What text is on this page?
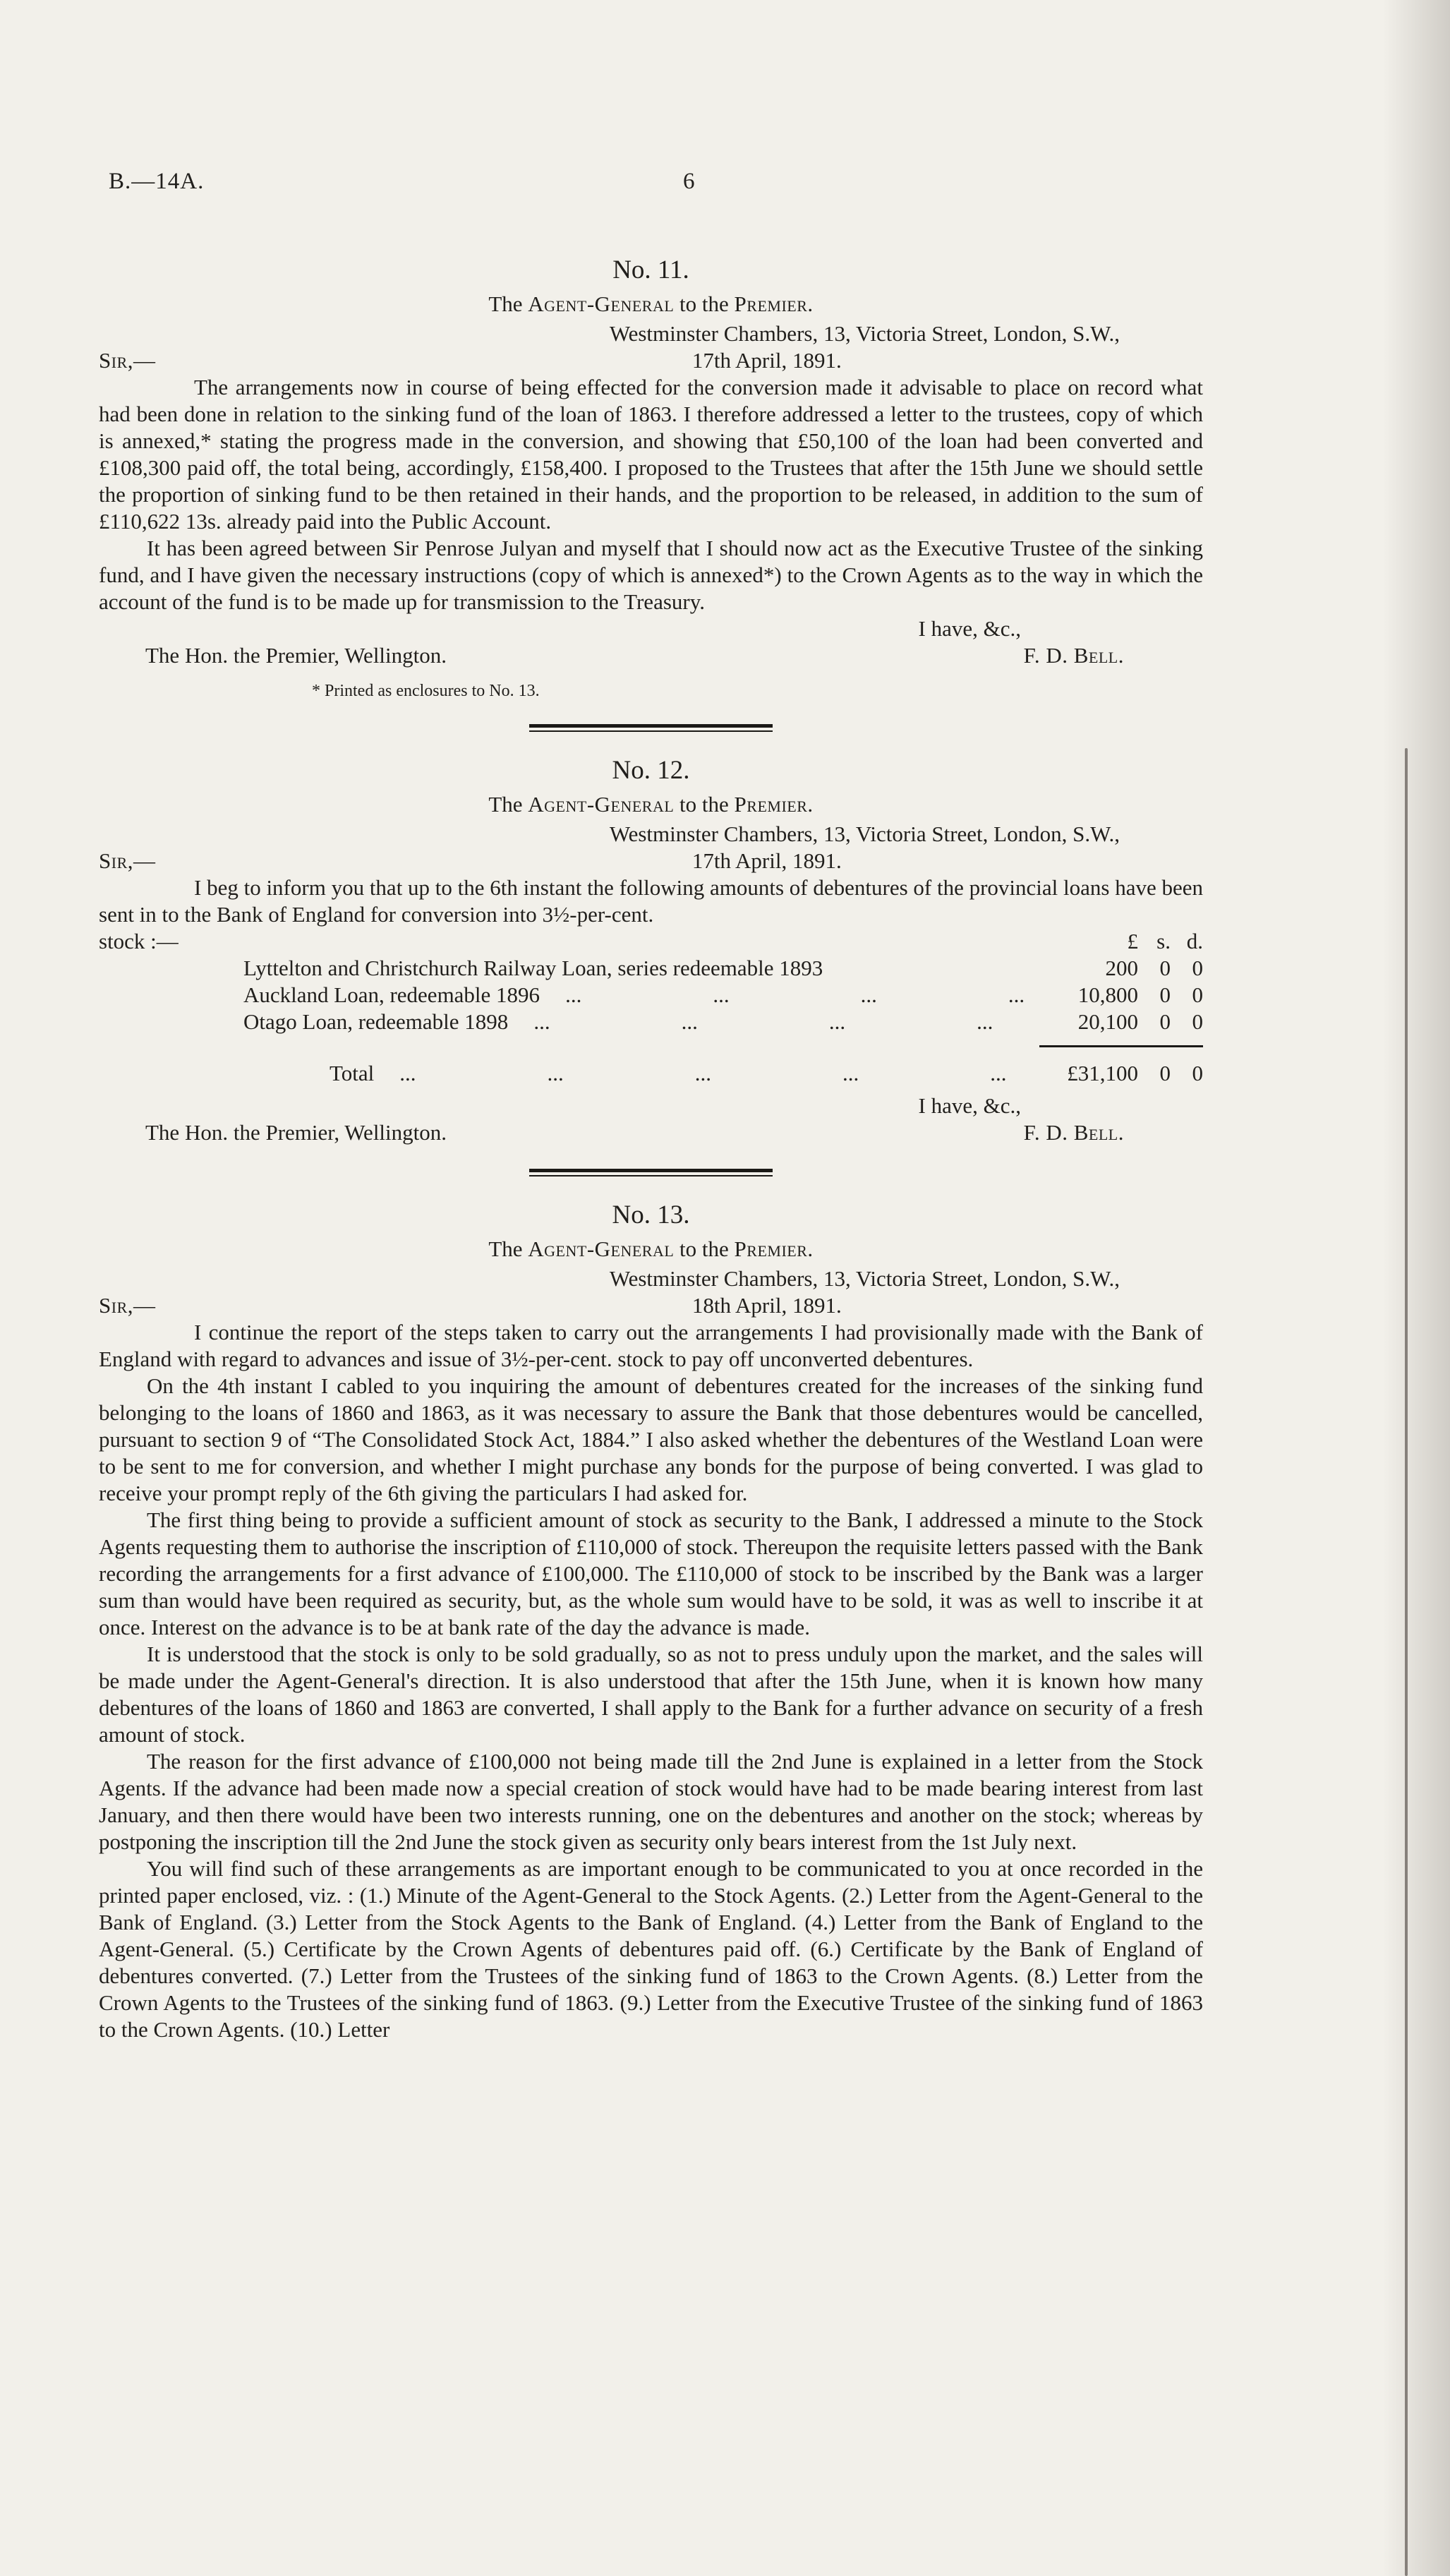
B.—14A.	6
No. 11.
The Agent-General to the Premier.
Westminster Chambers, 13, Victoria Street, London, S.W.,
Sir,—	17th April, 1891.

The arrangements now in course of being effected for the conversion made it advisable to place on record what had been done in relation to the sinking fund of the loan of 1863. I therefore addressed a letter to the trustees, copy of which is annexed,* stating the progress made in the conversion, and showing that £50,100 of the loan had been converted and £108,300 paid off, the total being, accordingly, £158,400. I proposed to the Trustees that after the 15th June we should settle the proportion of sinking fund to be then retained in their hands, and the proportion to be released, in addition to the sum of £110,622 13s. already paid into the Public Account.

It has been agreed between Sir Penrose Julyan and myself that I should now act as the Executive Trustee of the sinking fund, and I have given the necessary instructions (copy of which is annexed*) to the Crown Agents as to the way in which the account of the fund is to be made up for transmission to the Treasury.

I have, &c.,
The Hon. the Premier, Wellington.	F. D. Bell.
* Printed as enclosures to No. 13.
No. 12.
The Agent-General to the Premier.
Westminster Chambers, 13, Victoria Street, London, S.W.,
Sir,—	17th April, 1891.

I beg to inform you that up to the 6th instant the following amounts of debentures of the provincial loans have been sent in to the Bank of England for conversion into 3½-per-cent.

stock :—	£ s. d.
Lyttelton and Christchurch Railway Loan, series redeemable 1893	200 0 0
Auckland Loan, redeemable 1896 ...      ...      ...      ...	10,800 0 0
Otago Loan, redeemable 1898 ...      ...      ...      ...	20,100 0 0
Total ...      ...      ...      ...      ...	£31,100 0 0
I have, &c.,
The Hon. the Premier, Wellington.	F. D. Bell.
No. 13.
The Agent-General to the Premier.
Westminster Chambers, 13, Victoria Street, London, S.W.,
Sir,—	18th April, 1891.

I continue the report of the steps taken to carry out the arrangements I had provisionally made with the Bank of England with regard to advances and issue of 3½-per-cent. stock to pay off unconverted debentures.

On the 4th instant I cabled to you inquiring the amount of debentures created for the increases of the sinking fund belonging to the loans of 1860 and 1863, as it was necessary to assure the Bank that those debentures would be cancelled, pursuant to section 9 of “The Consolidated Stock Act, 1884.” I also asked whether the debentures of the Westland Loan were to be sent to me for conversion, and whether I might purchase any bonds for the purpose of being converted. I was glad to receive your prompt reply of the 6th giving the particulars I had asked for.

The first thing being to provide a sufficient amount of stock as security to the Bank, I addressed a minute to the Stock Agents requesting them to authorise the inscription of £110,000 of stock. Thereupon the requisite letters passed with the Bank recording the arrangements for a first advance of £100,000. The £110,000 of stock to be inscribed by the Bank was a larger sum than would have been required as security, but, as the whole sum would have to be sold, it was as well to inscribe it at once. Interest on the advance is to be at bank rate of the day the advance is made.

It is understood that the stock is only to be sold gradually, so as not to press unduly upon the market, and the sales will be made under the Agent-General's direction. It is also understood that after the 15th June, when it is known how many debentures of the loans of 1860 and 1863 are converted, I shall apply to the Bank for a further advance on security of a fresh amount of stock.

The reason for the first advance of £100,000 not being made till the 2nd June is explained in a letter from the Stock Agents. If the advance had been made now a special creation of stock would have had to be made bearing interest from last January, and then there would have been two interests running, one on the debentures and another on the stock; whereas by postponing the inscription till the 2nd June the stock given as security only bears interest from the 1st July next.

You will find such of these arrangements as are important enough to be communicated to you at once recorded in the printed paper enclosed, viz. : (1.) Minute of the Agent-General to the Stock Agents. (2.) Letter from the Agent-General to the Bank of England. (3.) Letter from the Stock Agents to the Bank of England. (4.) Letter from the Bank of England to the Agent-General. (5.) Certificate by the Crown Agents of debentures paid off. (6.) Certificate by the Bank of England of debentures converted. (7.) Letter from the Trustees of the sinking fund of 1863 to the Crown Agents. (8.) Letter from the Crown Agents to the Trustees of the sinking fund of 1863. (9.) Letter from the Executive Trustee of the sinking fund of 1863 to the Crown Agents. (10.) Letter
